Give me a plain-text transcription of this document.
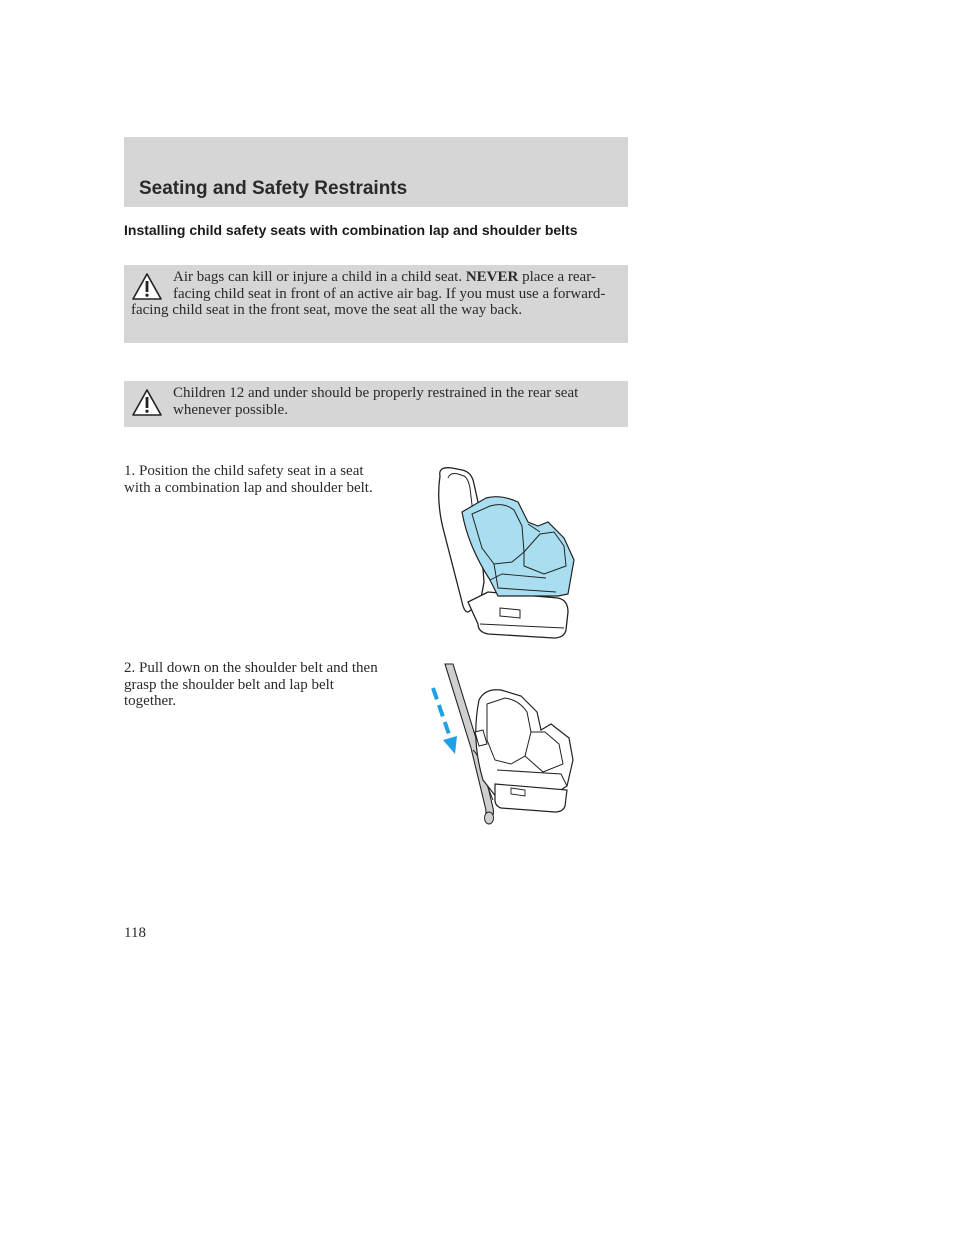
Seating and Safety Restraints
Installing child safety seats with combination lap and shoulder belts

Air bags can kill or injure a child in a child seat. NEVER place a rear-facing child seat in front of an active air bag. If you must use a forward-facing child seat in the front seat, move the seat all the way back.

Children 12 and under should be properly restrained in the rear seat whenever possible.

1. Position the child safety seat in a seat with a combination lap and shoulder belt.

2. Pull down on the shoulder belt and then grasp the shoulder belt and lap belt together.

118
